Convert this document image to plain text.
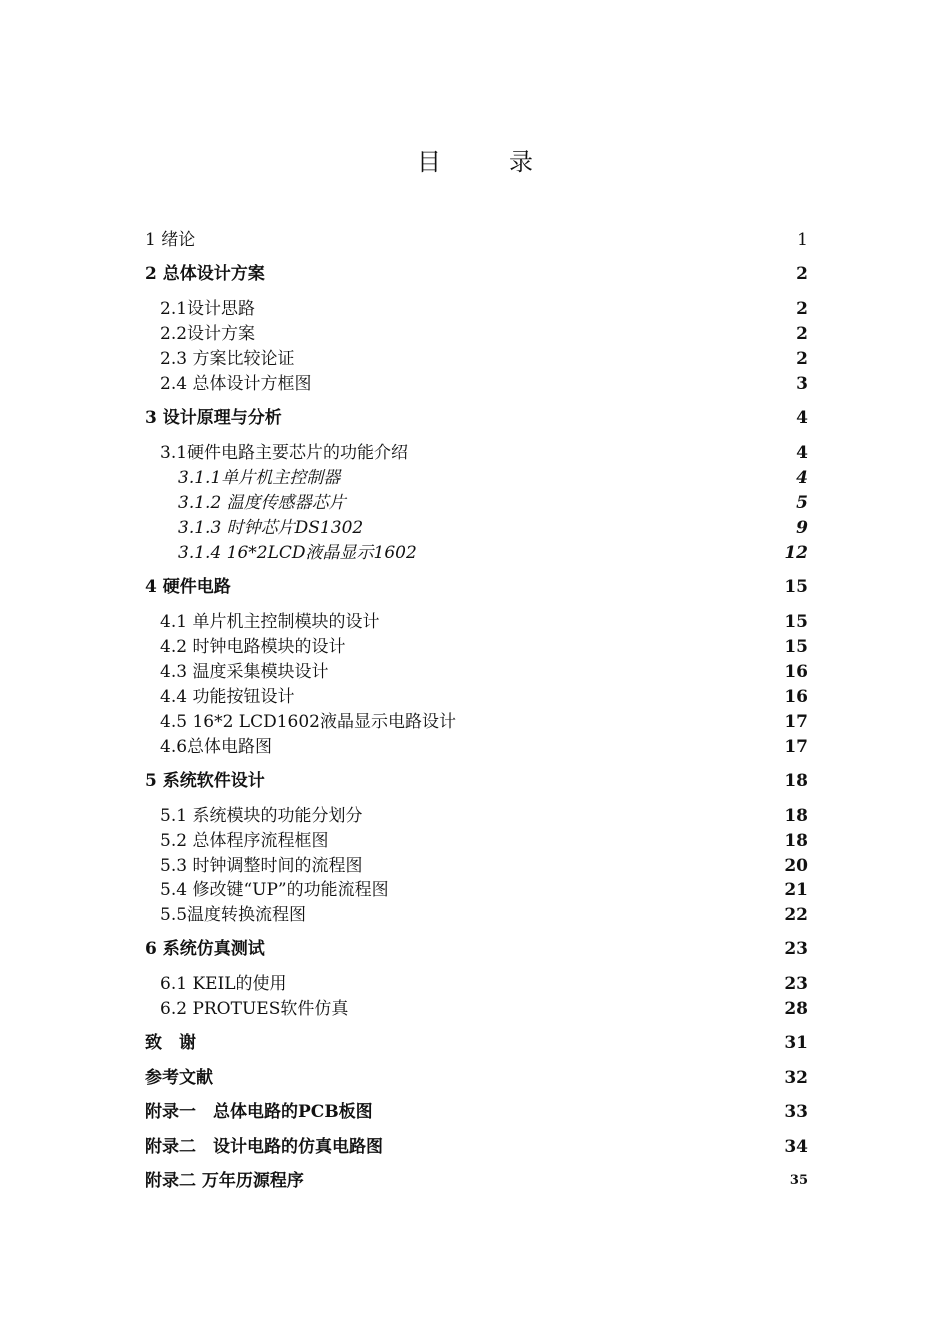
目　录
1 绪论	1
2 总体设计方案	2
2.1设计思路	2
2.2设计方案	2
2.3 方案比较论证	2
2.4 总体设计方框图	3
3 设计原理与分析	4
3.1硬件电路主要芯片的功能介绍	4
3.1.1单片机主控制器	4
3.1.2 温度传感器芯片	5
3.1.3 时钟芯片DS1302	9
3.1.4 16*2LCD液晶显示1602	12
4 硬件电路	15
4.1 单片机主控制模块的设计	15
4.2 时钟电路模块的设计	15
4.3 温度采集模块设计	16
4.4 功能按钮设计	16
4.5 16*2 LCD1602液晶显示电路设计	17
4.6总体电路图	17
5 系统软件设计	18
5.1 系统模块的功能分划分	18
5.2 总体程序流程框图	18
5.3 时钟调整时间的流程图	20
5.4 修改键“UP”的功能流程图	21
5.5温度转换流程图	22
6 系统仿真测试	23
6.1 KEIL的使用	23
6.2 PROTUES软件仿真	28
致　谢	31
参考文献	32
附录一　总体电路的PCB板图	33
附录二　设计电路的仿真电路图	34
附录二 万年历源程序	35
